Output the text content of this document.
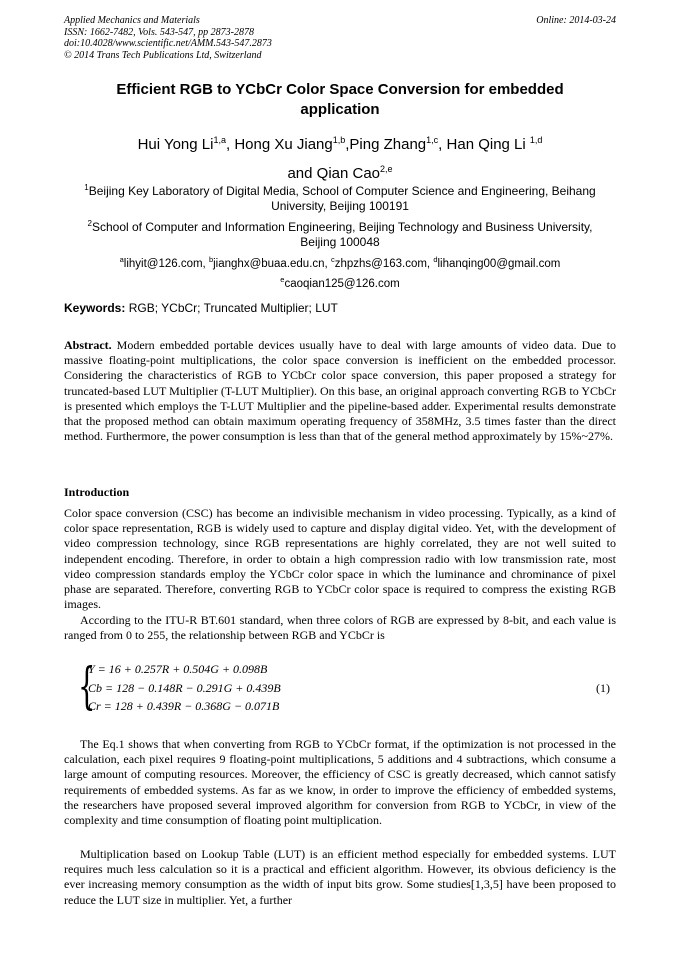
Applied Mechanics and Materials
ISSN: 1662-7482, Vols. 543-547, pp 2873-2878
doi:10.4028/www.scientific.net/AMM.543-547.2873
© 2014 Trans Tech Publications Ltd, Switzerland
Online: 2014-03-24
Efficient RGB to YCbCr Color Space Conversion for embedded
application
Hui Yong Li$^{1,a}$, Hong Xu Jiang$^{1,b}$,Ping Zhang$^{1,c}$, Han Qing Li $^{1,d}$
and Qian Cao$^{2,e}$
$^1$Beijing Key Laboratory of Digital Media, School of Computer Science and Engineering, Beihang
University, Beijing 100191
$^2$School of Computer and Information Engineering, Beijing Technology and Business University,
Beijing 100048
$^a$lihyit@126.com, $^b$jianghx@buaa.edu.cn, $^c$zhpzhs@163.com, $^d$lihanqing00@gmail.com
$^e$caoqian125@126.com
Keywords: RGB; YCbCr; Truncated Multiplier; LUT

Abstract. Modern embedded portable devices usually have to deal with large amounts of video data. Due to massive floating-point multiplications, the color space conversion is inefficient on the embedded processor. Considering the characteristics of RGB to YCbCr color space conversion, this paper proposed a strategy for truncated-based LUT Multiplier (T-LUT Multiplier). On this base, an original approach converting RGB to YCbCr is presented which employs the T-LUT Multiplier and the pipeline-based adder. Experimental results demonstrate that the proposed method can obtain maximum operating frequency of 358MHz, 3.5 times faster than the direct method. Furthermore, the power consumption is less than that of the general method approximately by 15%~27%.

Introduction

Color space conversion (CSC) has become an indivisible mechanism in video processing. Typically, as a kind of color space representation, RGB is widely used to capture and display digital video. Yet, with the development of video compression technology, since RGB representations are highly correlated, they are not well suited to independent encoding. Therefore, in order to obtain a high compression radio with low transmission rate, most video compression standards employ the YCbCr color space in which the luminance and chrominance of pixel phase are separated. Therefore, converting RGB to YCbCr color space is required to compress the existing RGB images.

According to the ITU-R BT.601 standard, when three colors of RGB are expressed by 8-bit, and each value is ranged from 0 to 255, the relationship between RGB and YCbCr is

{
Y = 16 + 0.257R + 0.504G + 0.098B
Cb = 128 − 0.148R − 0.291G + 0.439B
Cr = 128 + 0.439R − 0.368G − 0.071B
(1)

The Eq.1 shows that when converting from RGB to YCbCr format, if the optimization is not processed in the calculation, each pixel requires 9 floating-point multiplications, 5 additions and 4 subtractions, which consume a large amount of computing resources. Moreover, the efficiency of CSC is greatly decreased, which cannot satisfy requirements of embedded systems. As far as we know, in order to improve the efficiency of embedded systems, the researchers have proposed several improved algorithm for conversion from RGB to YCbCr, in view of the complexity and time consumption of floating point multiplication.

Multiplication based on Lookup Table (LUT) is an efficient method especially for embedded systems. LUT requires much less calculation so it is a practical and efficient algorithm. However, its obvious deficiency is the ever increasing memory consumption as the width of input bits grow. Some studies[1,3,5] have been proposed to reduce the LUT size in multiplier. Yet, a further
